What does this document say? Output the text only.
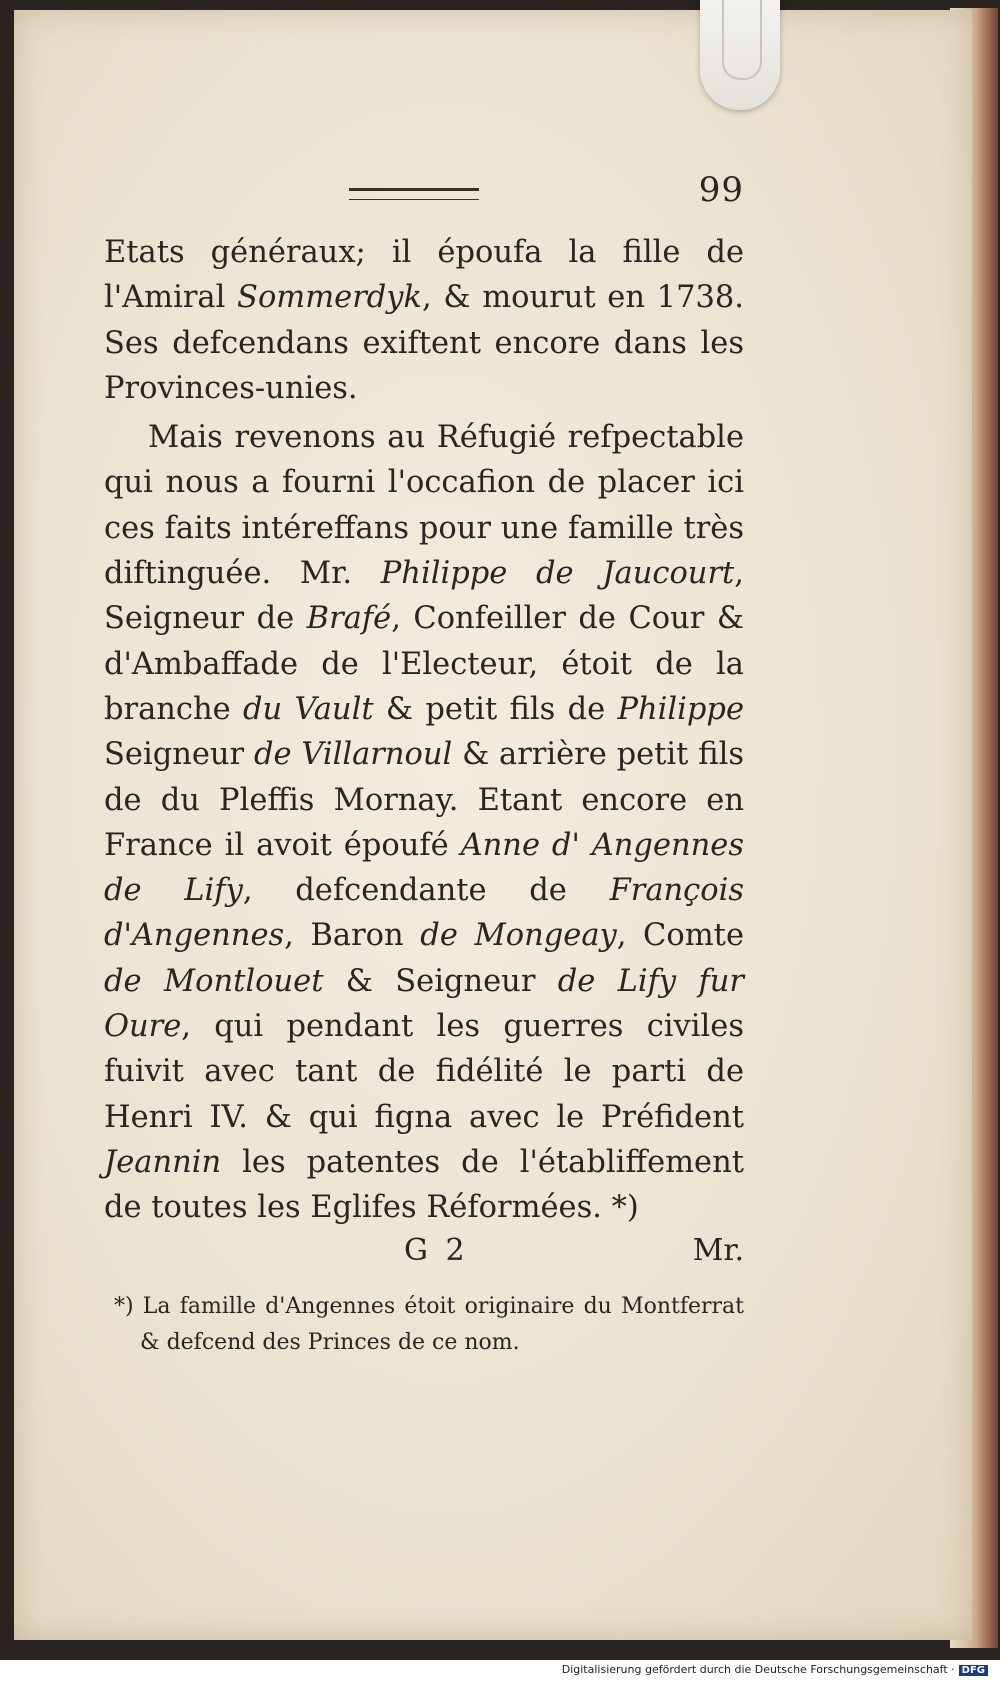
99

Etats généraux; il époufa la fille de l'Amiral Sommerdyk, & mourut en 1738. Ses defcendans exiftent encore dans les Provinces-unies.

Mais revenons au Réfugié refpectable qui nous a fourni l'occafion de placer ici ces faits intéreffans pour une famille très diftinguée. Mr. Philippe de Jaucourt, Seigneur de Brafé, Confeiller de Cour & d'Ambaffade de l'Electeur, étoit de la branche du Vault & petit fils de Philippe Seigneur de Villarnoul & arrière petit fils de du Pleffis Mornay. Etant encore en France il avoit époufé Anne d' Angennes de Lify, defcendante de François d'Angennes, Baron de Mongeay, Comte de Montlouet & Seigneur de Lify fur Oure, qui pendant les guerres civiles fuivit avec tant de fidélité le parti de Henri IV. & qui figna avec le Préfident Jeannin les patentes de l'établiffement de toutes les Eglifes Réformées. *)

G 2	Mr.
*) La famille d'Angennes étoit originaire du Montferrat & defcend des Princes de ce nom.
Digitalisierung gefördert durch die Deutsche Forschungsgemeinschaft · DFG
